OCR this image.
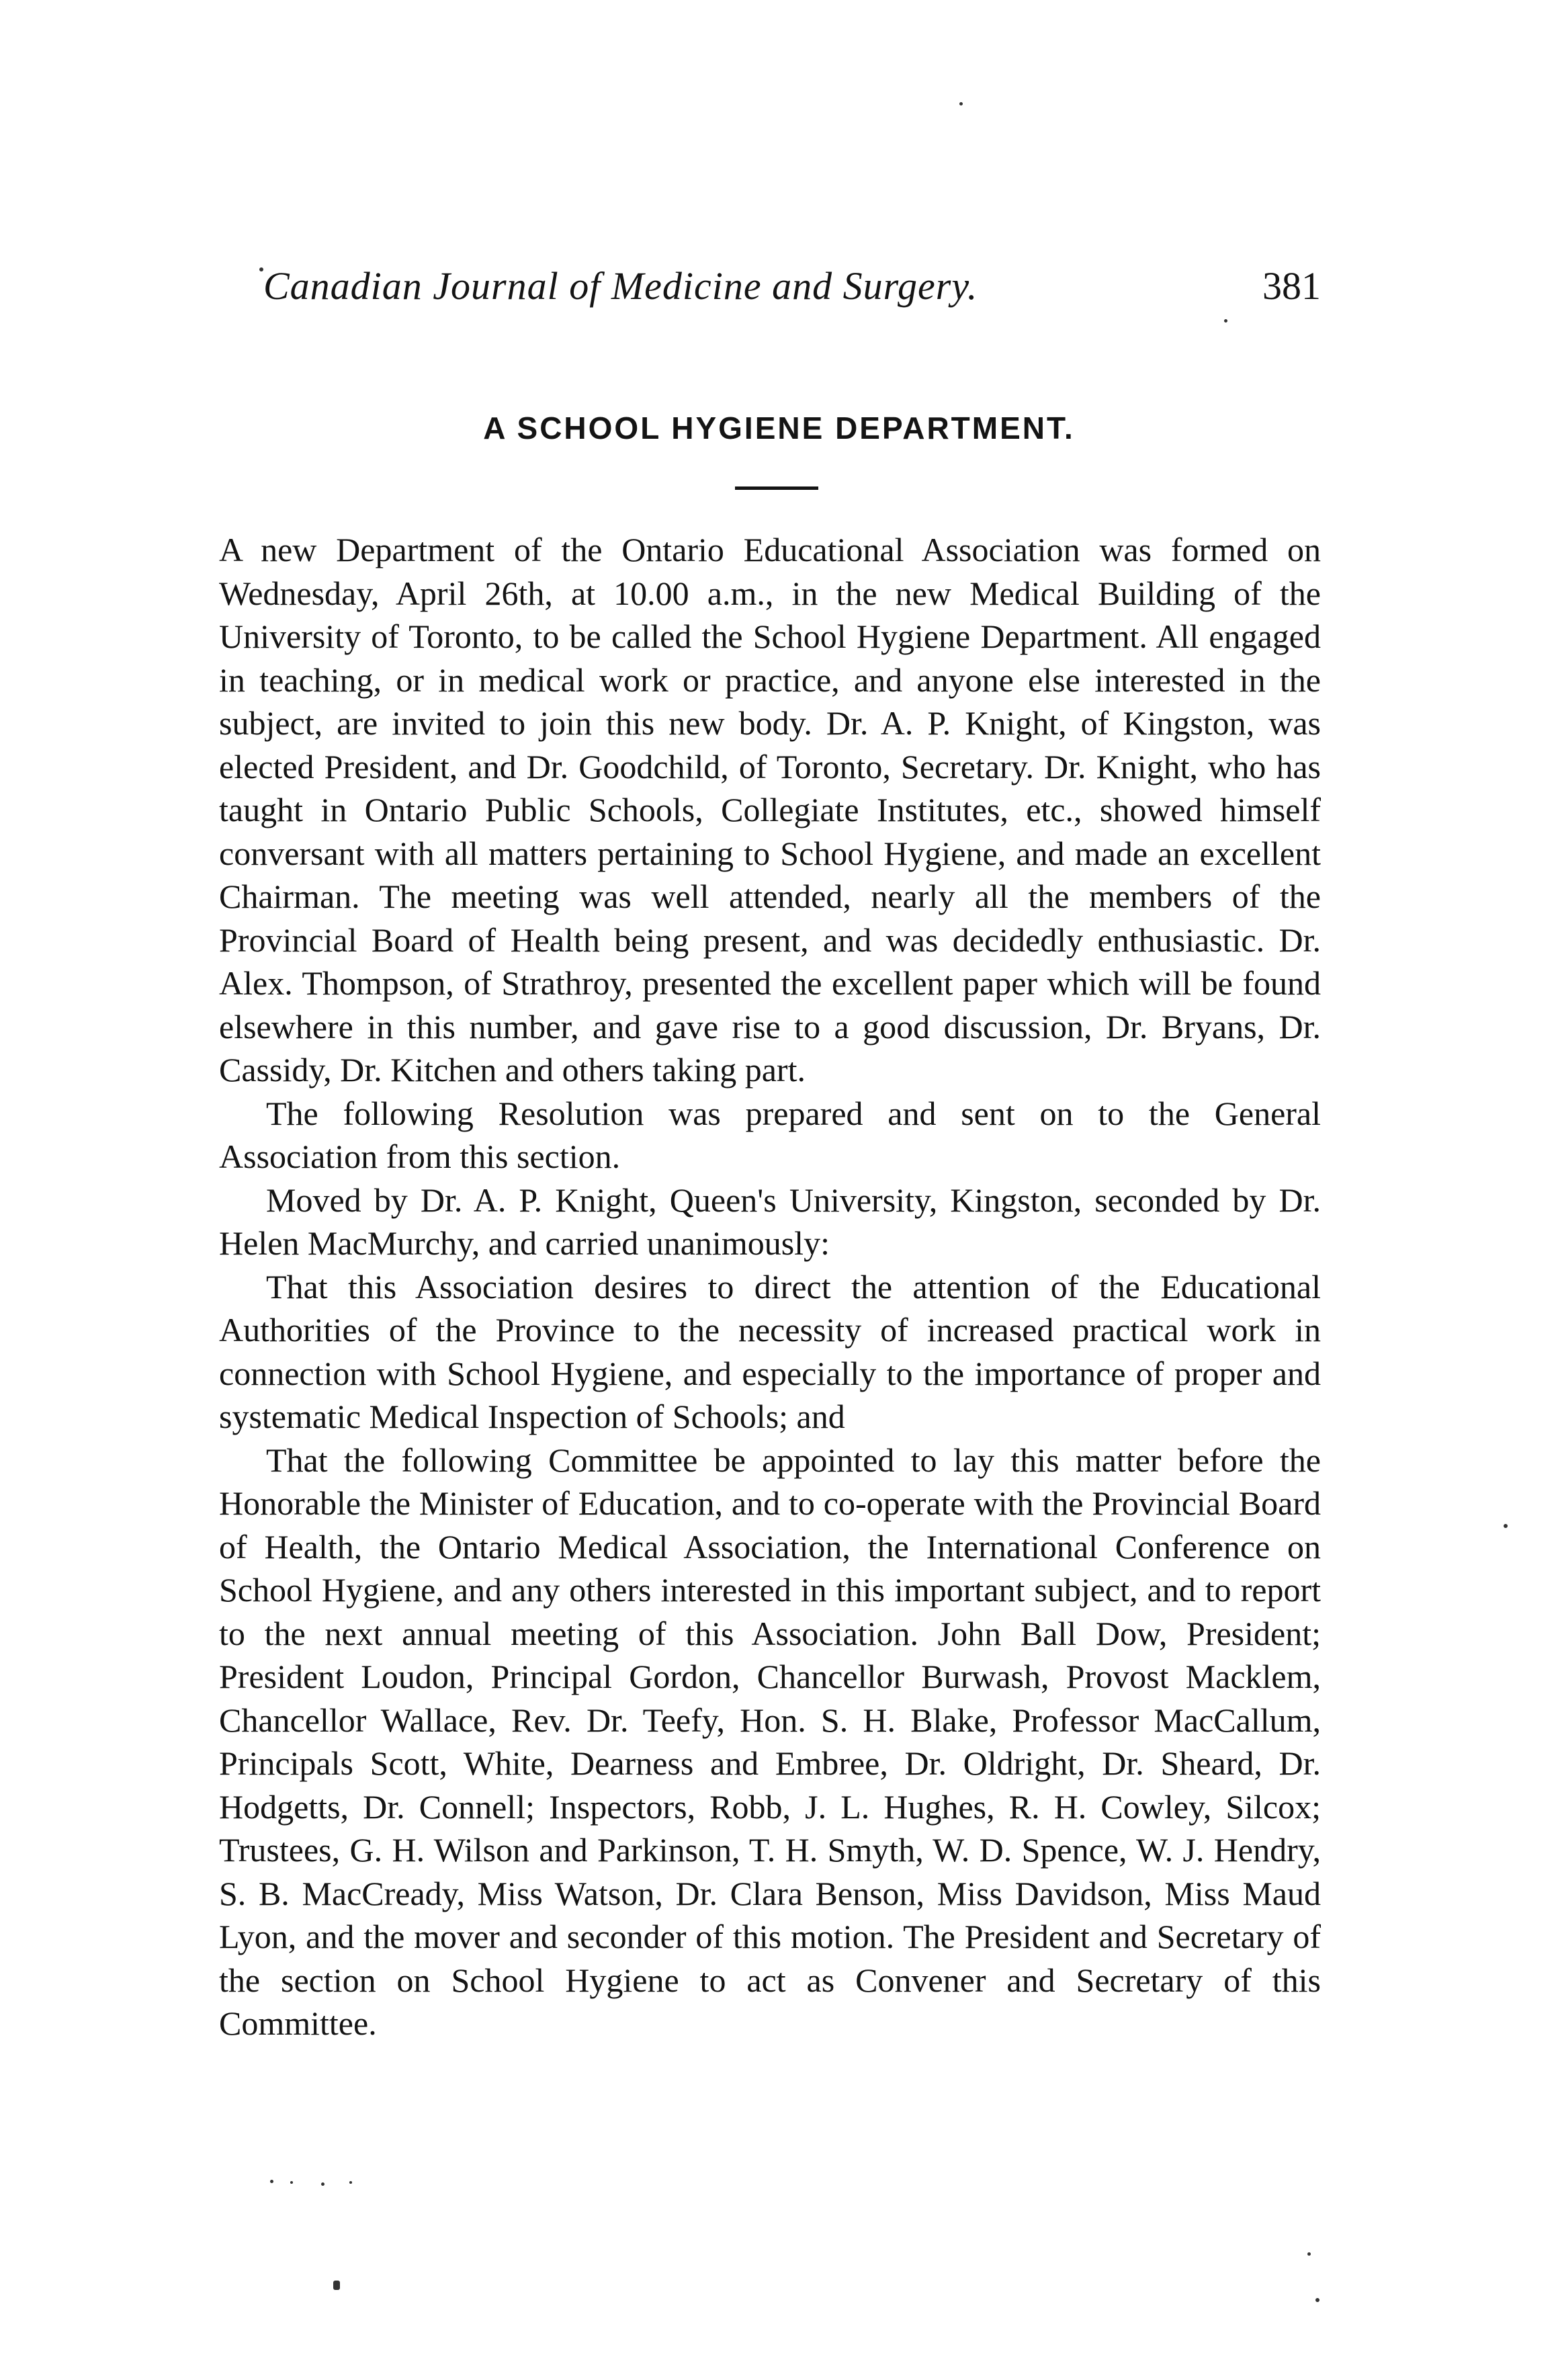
Canadian Journal of Medicine and Surgery.	381
A SCHOOL HYGIENE DEPARTMENT.

A new Department of the Ontario Educational Association was formed on Wednesday, April 26th, at 10.00 a.m., in the new Medical Building of the University of Toronto, to be called the School Hygiene Department. All engaged in teaching, or in medical work or practice, and anyone else interested in the subject, are invited to join this new body. Dr. A. P. Knight, of Kingston, was elected President, and Dr. Goodchild, of Toronto, Secretary. Dr. Knight, who has taught in Ontario Public Schools, Collegiate Institutes, etc., showed himself conversant with all matters pertaining to School Hygiene, and made an excellent Chairman. The meeting was well attended, nearly all the members of the Provincial Board of Health being present, and was decidedly enthusiastic. Dr. Alex. Thompson, of Strathroy, presented the excellent paper which will be found elsewhere in this number, and gave rise to a good discussion, Dr. Bryans, Dr. Cassidy, Dr. Kitchen and others taking part.

The following Resolution was prepared and sent on to the General Association from this section.

Moved by Dr. A. P. Knight, Queen's University, Kingston, seconded by Dr. Helen MacMurchy, and carried unanimously:

That this Association desires to direct the attention of the Educational Authorities of the Province to the necessity of increased practical work in connection with School Hygiene, and especially to the importance of proper and systematic Medical Inspection of Schools; and

That the following Committee be appointed to lay this matter before the Honorable the Minister of Education, and to co-operate with the Provincial Board of Health, the Ontario Medical Association, the International Conference on School Hygiene, and any others interested in this important subject, and to report to the next annual meeting of this Association. John Ball Dow, President; President Loudon, Principal Gordon, Chancellor Burwash, Provost Macklem, Chancellor Wallace, Rev. Dr. Teefy, Hon. S. H. Blake, Professor MacCallum, Principals Scott, White, Dearness and Embree, Dr. Oldright, Dr. Sheard, Dr. Hodgetts, Dr. Connell; Inspectors, Robb, J. L. Hughes, R. H. Cowley, Silcox; Trustees, G. H. Wilson and Parkinson, T. H. Smyth, W. D. Spence, W. J. Hendry, S. B. MacCready, Miss Watson, Dr. Clara Benson, Miss Davidson, Miss Maud Lyon, and the mover and seconder of this motion. The President and Secretary of the section on School Hygiene to act as Convener and Secretary of this Committee.
